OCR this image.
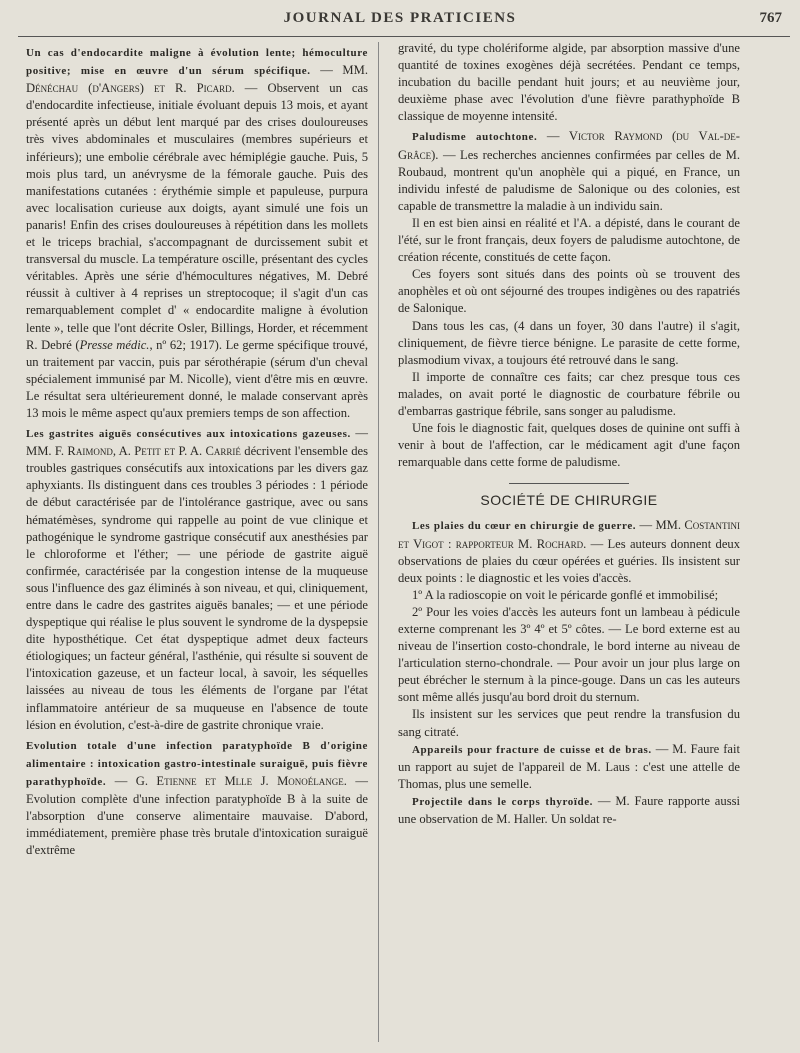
JOURNAL DES PRATICIENS	767

Un cas d'endocardite maligne à évolution lente; hémoculture positive; mise en œuvre d'un sérum spécifique. — MM. Dénéchau (d'Angers) et R. Picard. — Observent un cas d'endocardite infectieuse, initiale évoluant depuis 13 mois, et ayant présenté après un début lent marqué par des crises douloureuses très vives abdominales et musculaires (membres supérieurs et inférieurs); une embolie cérébrale avec hémiplégie gauche. Puis, 5 mois plus tard, un anévrysme de la fémorale gauche. Puis des manifestations cutanées : érythémie simple et papuleuse, purpura avec localisation curieuse aux doigts, ayant simulé une fois un panaris! Enfin des crises douloureuses à répétition dans les mollets et le triceps brachial, s'accompagnant de durcissement subit et transversal du muscle. La température oscille, présentant des cycles véritables. Après une série d'hémocultures négatives, M. Debré réussit à cultiver à 4 reprises un streptocoque; il s'agit d'un cas remarquablement complet d' « endocardite maligne à évolution lente », telle que l'ont décrite Osler, Billings, Horder, et récemment R. Debré (Presse médic., nº 62; 1917). Le germe spécifique trouvé, un traitement par vaccin, puis par sérothérapie (sérum d'un cheval spécialement immunisé par M. Nicolle), vient d'être mis en œuvre. Le résultat sera ultérieurement donné, le malade conservant après 13 mois le même aspect qu'aux premiers temps de son affection.

Les gastrites aiguës consécutives aux intoxications gazeuses. — MM. F. Raimond, A. Petit et P. A. Carrié décrivent l'ensemble des troubles gastriques consécutifs aux intoxications par les divers gaz aphyxiants. Ils distinguent dans ces troubles 3 périodes : 1 période de début caractérisée par de l'intolérance gastrique, avec ou sans hématémèses, syndrome qui rappelle au point de vue clinique et pathogénique le syndrome gastrique consécutif aux anesthésies par le chloroforme et l'éther; — une période de gastrite aiguë confirmée, caractérisée par la congestion intense de la muqueuse sous l'influence des gaz éliminés à son niveau, et qui, cliniquement, entre dans le cadre des gastrites aiguës banales; — et une période dyspeptique qui réalise le plus souvent le syndrome de la dyspepsie dite hyposthétique. Cet état dyspeptique admet deux facteurs étiologiques; un facteur général, l'asthénie, qui résulte si souvent de l'intoxication gazeuse, et un facteur local, à savoir, les séquelles laissées au niveau de tous les éléments de l'organe par l'état inflammatoire antérieur de sa muqueuse en l'absence de toute lésion en évolution, c'est-à-dire de gastrite chronique vraie.

Evolution totale d'une infection paratyphoïde B d'origine alimentaire : intoxication gastro-intestinale suraiguë, puis fièvre parathyphoïde. — G. Etienne et Mlle J. Monoélange. — Evolution complète d'une infection paratyphoïde B à la suite de l'absorption d'une conserve alimentaire mauvaise. D'abord, immédiatement, première phase très brutale d'intoxication suraiguë d'extrême

gravité, du type cholériforme algide, par absorption massive d'une quantité de toxines exogènes déjà secrétées. Pendant ce temps, incubation du bacille pendant huit jours; et au neuvième jour, deuxième phase avec l'évolution d'une fièvre parathyphoïde B classique de moyenne intensité.

Paludisme autochtone. — Victor Raymond (du Val-de-Grâce). — Les recherches anciennes confirmées par celles de M. Roubaud, montrent qu'un anophèle qui a piqué, en France, un individu infesté de paludisme de Salonique ou des colonies, est capable de transmettre la maladie à un individu sain.

Il en est bien ainsi en réalité et l'A. a dépisté, dans le courant de l'été, sur le front français, deux foyers de paludisme autochtone, de création récente, constitués de cette façon.

Ces foyers sont situés dans des points où se trouvent des anophèles et où ont séjourné des troupes indigènes ou des rapatriés de Salonique.

Dans tous les cas, (4 dans un foyer, 30 dans l'autre) il s'agit, cliniquement, de fièvre tierce bénigne. Le parasite de cette forme, plasmodium vivax, a toujours été retrouvé dans le sang.

Il importe de connaître ces faits; car chez presque tous ces malades, on avait porté le diagnostic de courbature fébrile ou d'embarras gastrique fébrile, sans songer au paludisme.

Une fois le diagnostic fait, quelques doses de quinine ont suffi à venir à bout de l'affection, car le médicament agit d'une façon remarquable dans cette forme de paludisme.

SOCIÉTÉ DE CHIRURGIE

Les plaies du cœur en chirurgie de guerre. — MM. Costantini et Vigot : rapporteur M. Rochard. — Les auteurs donnent deux observations de plaies du cœur opérées et guéries. Ils insistent sur deux points : le diagnostic et les voies d'accès.

1º A la radioscopie on voit le péricarde gonflé et immobilisé;

2º Pour les voies d'accès les auteurs font un lambeau à pédicule externe comprenant les 3º 4º et 5º côtes. — Le bord externe est au niveau de l'insertion costo-chondrale, le bord interne au niveau de l'articulation sterno-chondrale. — Pour avoir un jour plus large on peut ébrécher le sternum à la pince-gouge. Dans un cas les auteurs sont même allés jusqu'au bord droit du sternum.

Ils insistent sur les services que peut rendre la transfusion du sang citraté.

Appareils pour fracture de cuisse et de bras. — M. Faure fait un rapport au sujet de l'appareil de M. Laus : c'est une attelle de Thomas, plus une semelle.

Projectile dans le corps thyroïde. — M. Faure rapporte aussi une observation de M. Haller. Un soldat re-
